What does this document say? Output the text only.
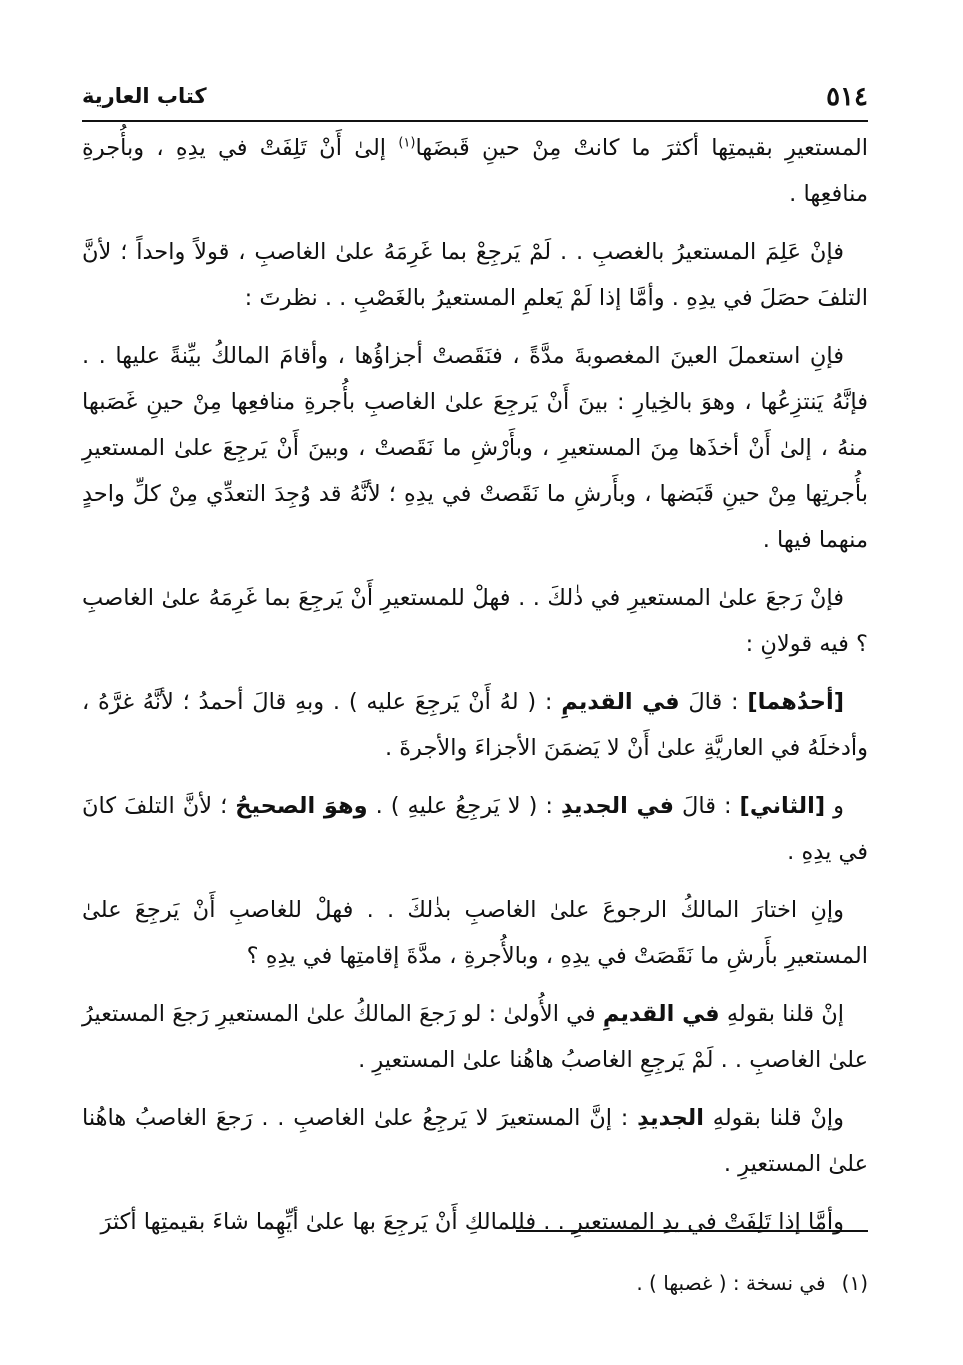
٥١٤
كتاب العارية

المستعيرِ بقيمتِها أكثرَ ما كانتْ مِنْ حينِ قَبضَها$^{(١)}$ إلىٰ أَنْ تَلِفَتْ في يدِهِ ، وبأُجرةِ منافعِها .

فإنْ عَلِمَ المستعيرُ بالغصبِ . . لَمْ يَرجِعْ بما غَرِمَهُ علىٰ الغاصبِ ، قولاً واحداً ؛ لأنَّ التلفَ حصَلَ في يدِهِ . وأمَّا إذا لَمْ يَعلمِ المستعيرُ بالغَصْبِ . . نظرتَ :

فإنِ استعملَ العينَ المغصوبةَ مدَّةً ، فنَقَصتْ أجزاؤُها ، وأقامَ المالكُ بيِّنةً عليها . . فإنَّهُ يَنتزِعُها ، وهوَ بالخِيارِ : بينَ أَنْ يَرجِعَ علىٰ الغاصبِ بأُجرةِ منافعِها مِنْ حينِ غَصَبها منهُ ، إلىٰ أَنْ أخذَها مِنَ المستعيرِ ، وبأَرْشِ ما نَقَصتْ ، وبينَ أَنْ يَرجِعَ علىٰ المستعيرِ بأُجرتِها مِنْ حينِ قَبَضها ، وبأَرشِ ما نَقَصتْ في يدِهِ ؛ لأنَّهُ قد وُجِدَ التعدِّي مِنْ كلِّ واحدٍ منهما فيها .

فإنْ رَجعَ علىٰ المستعيرِ في ذٰلكَ . . فهلْ للمستعيرِ أَنْ يَرجِعَ بما غَرِمَهُ علىٰ الغاصبِ ؟ فيه قولانِ :

[أحدُهما] : قالَ في القديمِ : ( لهُ أَنْ يَرجِعَ عليه ) . وبهِ قالَ أحمدُ ؛ لأنَّهُ غرَّهُ ، وأدخلَهُ في العاريَّةِ علىٰ أَنْ لا يَضمَنَ الأجزاءَ والأجرةَ .

و [الثاني] : قالَ في الجديدِ : ( لا يَرجِعُ عليهِ ) . وهوَ الصحيحُ ؛ لأنَّ التلفَ كانَ في يدِهِ .

وإنِ اختارَ المالكُ الرجوعَ علىٰ الغاصبِ بذٰلكَ . . فهلْ للغاصبِ أَنْ يَرجِعَ علىٰ المستعيرِ بأَرشِ ما نَقَصَتْ في يدِهِ ، وبالأُجرةِ ، مدَّةَ إقامتِها في يدِهِ ؟

إنْ قلنا بقولهِ في القديمِ في الأُولىٰ : لو رَجعَ المالكُ علىٰ المستعيرِ رَجعَ المستعيرُ علىٰ الغاصبِ . . لَمْ يَرجِعِ الغاصبُ هاهُنا علىٰ المستعيرِ .

وإنْ قلنا بقولهِ الجديدِ : إنَّ المستعيرَ لا يَرجِعُ علىٰ الغاصبِ . . رَجعَ الغاصبُ هاهُنا علىٰ المستعيرِ .

وأمَّا إذا تَلِفَتْ في يدِ المستعيرِ . . فللمالكِ أَنْ يَرجِعَ بها علىٰ أيِّهِما شاءَ بقيمتِها أكثرَ

(١)في نسخة : ( غصبها ) .
